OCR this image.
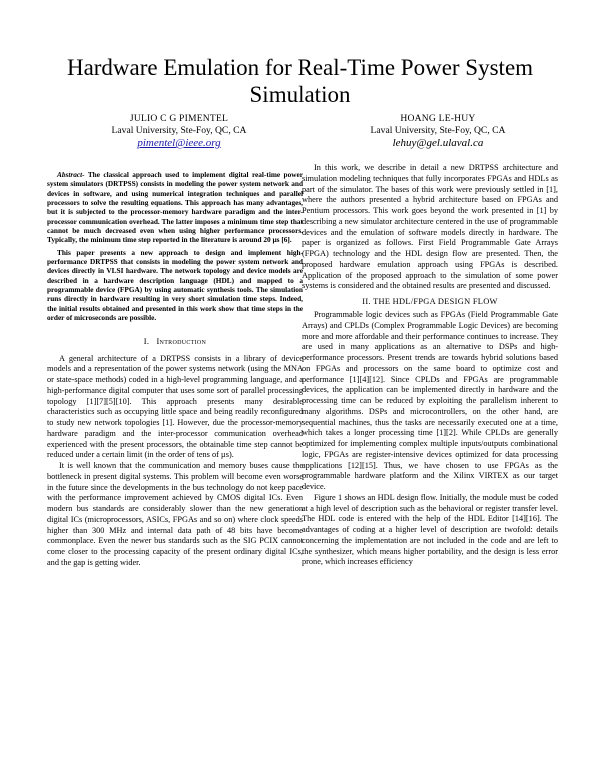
Hardware Emulation for Real-Time Power System Simulation
JULIO C G PIMENTEL
Laval University, Ste-Foy, QC, CA
pimentel@ieee.org
HOANG LE-HUY
Laval University, Ste-Foy, QC, CA
lehuy@gel.ulaval.ca

Abstract- The classical approach used to implement digital real-time power system simulators (DRTPSS) consists in modeling the power system network and devices in software, and using numerical integration techniques and parallel processors to solve the resulting equations. This approach has many advantages, but it is subjected to the processor-memory hardware paradigm and the inter-processor communication overhead. The latter imposes a minimum time step that cannot be much decreased even when using higher performance processors. Typically, the minimum time step reported in the literature is around 20 µs [6].

This paper presents a new approach to design and implement high-performance DRTPSS that consists in modeling the power system network and devices directly in VLSI hardware. The network topology and device models are described in a hardware description language (HDL) and mapped to a programmable device (FPGA) by using automatic synthesis tools. The simulation runs directly in hardware resulting in very short simulation time steps. Indeed, the initial results obtained and presented in this work show that time steps in the order of microseconds are possible.

I. Introduction

A general architecture of a DRTPSS consists in a library of device models and a representation of the power systems network (using the MNA or state-space methods) coded in a high-level programming language, and a high-performance digital computer that uses some sort of parallel processing topology [1][7][5][10]. This approach presents many desirable characteristics such as occupying little space and being readily reconfigured to study new network topologies [1]. However, due the processor-memory hardware paradigm and the inter-processor communication overhead experienced with the present processors, the obtainable time step cannot be reduced under a certain limit (in the order of tens of µs).

It is well known that the communication and memory buses cause the bottleneck in present digital systems. This problem will become even worse in the future since the developments in the bus technology do not keep pace with the performance improvement achieved by CMOS digital ICs. Even modern bus standards are considerably slower than the new generation digital ICs (microprocessors, ASICs, FPGAs and so on) where clock speeds higher than 300 MHz and internal data path of 48 bits have become commonplace. Even the newer bus standards such as the SIG PCIX cannot come closer to the processing capacity of the present ordinary digital ICs, and the gap is getting wider.

In this work, we describe in detail a new DRTPSS architecture and simulation modeling techniques that fully incorporates FPGAs and HDLs as part of the simulator. The bases of this work were previously settled in [1], where the authors presented a hybrid architecture based on FPGAs and Pentium processors. This work goes beyond the work presented in [1] by describing a new simulator architecture centered in the use of programmable devices and the emulation of software models directly in hardware. The paper is organized as follows. First Field Programmable Gate Arrays (FPGA) technology and the HDL design flow are presented. Then, the proposed hardware emulation approach using FPGAs is described. Application of the proposed approach to the simulation of some power systems is considered and the obtained results are presented and discussed.

II. THE HDL/FPGA DESIGN FLOW

Programmable logic devices such as FPGAs (Field Programmable Gate Arrays) and CPLDs (Complex Programmable Logic Devices) are becoming more and more affordable and their performance continues to increase. They are used in many applications as an alternative to DSPs and high-performance processors. Present trends are towards hybrid solutions based on FPGAs and processors on the same board to optimize cost and performance [1][4][12]. Since CPLDs and FPGAs are programmable devices, the application can be implemented directly in hardware and the processing time can be reduced by exploiting the parallelism inherent to many algorithms. DSPs and microcontrollers, on the other hand, are sequential machines, thus the tasks are necessarily executed one at a time, which takes a longer processing time [1][2]. While CPLDs are generally optimized for implementing complex multiple inputs/outputs combinational logic, FPGAs are register-intensive devices optimized for data processing applications [12][15]. Thus, we have chosen to use FPGAs as the programmable hardware platform and the Xilinx VIRTEX as our target device.

Figure 1 shows an HDL design flow. Initially, the module must be coded at a high level of description such as the behavioral or register transfer level. The HDL code is entered with the help of the HDL Editor [14][16]. The advantages of coding at a higher level of description are twofold: details concerning the implementation are not included in the code and are left to the synthesizer, which means higher portability, and the design is less error prone, which increases efficiency
